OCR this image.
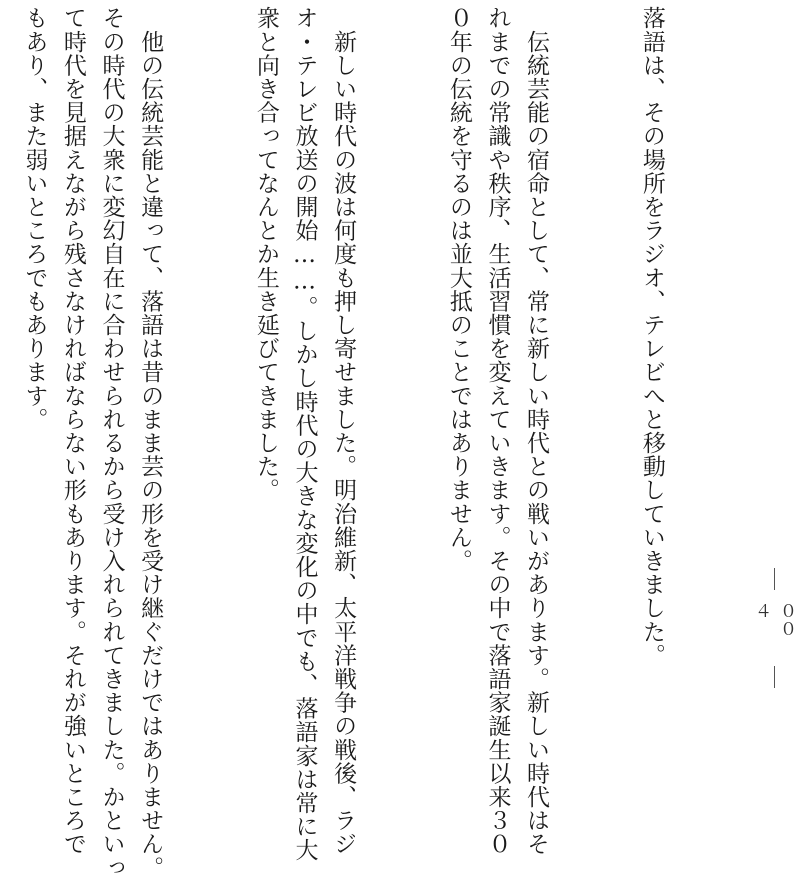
落語は、その場所をラジオ、テレビへと移動していきました。

　伝統芸能の宿命として、常に新しい時代との戦いがあります。新しい時代はそ
れまでの常識や秩序、生活習慣を変えていきます。その中で落語家誕生以来３０
０年の伝統を守るのは並大抵のことではありません。

　新しい時代の波は何度も押し寄せました。明治維新、太平洋戦争の戦後、ラジ
オ・テレビ放送の開始……。しかし時代の大きな変化の中でも、落語家は常に大
衆と向き合ってなんとか生き延びてきました。

　他の伝統芸能と違って、落語は昔のまま芸の形を受け継ぐだけではありません。
その時代の大衆に変幻自在に合わせられるから受け入れられてきました。かといっ
て時代を見据えながら残さなければならない形もあります。それが強いところで
もあり、また弱いところでもあります。

００４
